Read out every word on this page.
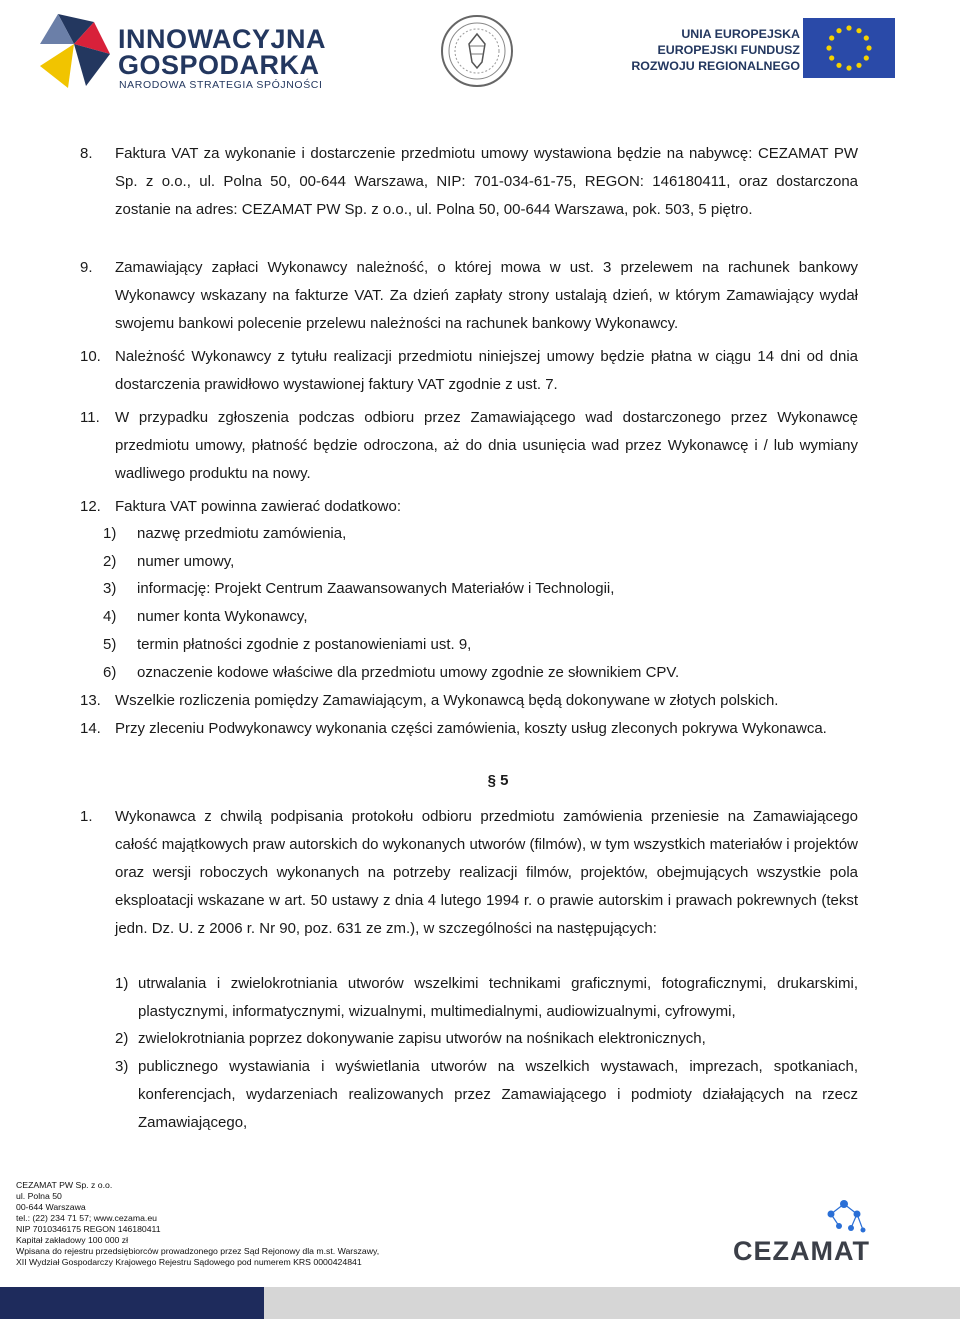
INNOWACYJNA
GOSPODARKA
NARODOWA STRATEGIA SPÓJNOŚCI
UNIA EUROPEJSKA
EUROPEJSKI FUNDUSZ
ROZWOJU REGIONALNEGO
8. Faktura VAT za wykonanie i dostarczenie przedmiotu umowy wystawiona będzie na nabywcę: CEZAMAT PW Sp. z o.o., ul. Polna 50, 00-644 Warszawa, NIP: 701-034-61-75, REGON: 146180411, oraz dostarczona zostanie na adres: CEZAMAT PW Sp. z o.o., ul. Polna 50, 00-644 Warszawa, pok. 503, 5 piętro.
9. Zamawiający zapłaci Wykonawcy należność, o której mowa w ust. 3 przelewem na rachunek bankowy Wykonawcy wskazany na fakturze VAT. Za dzień zapłaty strony ustalają dzień, w którym Zamawiający wydał swojemu bankowi polecenie przelewu należności na rachunek bankowy Wykonawcy.
10. Należność Wykonawcy z tytułu realizacji przedmiotu niniejszej umowy będzie płatna w ciągu 14 dni od dnia dostarczenia prawidłowo wystawionej faktury VAT zgodnie z ust. 7.
11. W przypadku zgłoszenia podczas odbioru przez Zamawiającego wad dostarczonego przez Wykonawcę przedmiotu umowy, płatność będzie odroczona, aż do dnia usunięcia wad przez Wykonawcę i / lub wymiany wadliwego produktu na nowy.
12. Faktura VAT powinna zawierać dodatkowo:
1) nazwę przedmiotu zamówienia,
2) numer umowy,
3) informację: Projekt Centrum Zaawansowanych Materiałów i Technologii,
4) numer konta Wykonawcy,
5) termin płatności zgodnie z postanowieniami ust. 9,
6) oznaczenie kodowe właściwe dla przedmiotu umowy zgodnie ze słownikiem CPV.
13. Wszelkie rozliczenia pomiędzy Zamawiającym, a Wykonawcą będą dokonywane w złotych polskich.
14. Przy zleceniu Podwykonawcy wykonania części zamówienia, koszty usług zleconych pokrywa Wykonawca.
§ 5
1. Wykonawca z chwilą podpisania protokołu odbioru przedmiotu zamówienia przeniesie na Zamawiającego całość majątkowych praw autorskich do wykonanych utworów (filmów), w tym wszystkich materiałów i projektów oraz wersji roboczych wykonanych na potrzeby realizacji filmów, projektów, obejmujących wszystkie pola eksploatacji wskazane w art. 50 ustawy z dnia 4 lutego 1994 r. o prawie autorskim i prawach pokrewnych (tekst jedn. Dz. U. z 2006 r. Nr 90, poz. 631 ze zm.), w szczególności na następujących:
1) utrwalania i zwielokrotniania utworów wszelkimi technikami graficznymi, fotograficznymi, drukarskimi, plastycznymi, informatycznymi, wizualnymi, multimedialnymi, audiowizualnymi, cyfrowymi,
2) zwielokrotniania poprzez dokonywanie zapisu utworów na nośnikach elektronicznych,
3) publicznego wystawiania i wyświetlania utworów na wszelkich wystawach, imprezach, spotkaniach, konferencjach, wydarzeniach realizowanych przez Zamawiającego i podmioty działających na rzecz Zamawiającego,
CEZAMAT PW Sp. z o.o.
ul. Polna 50
00-644 Warszawa
tel.: (22) 234 71 57; www.cezama.eu
NIP 7010346175 REGON 146180411
Kapitał zakładowy 100 000 zł
Wpisana do rejestru przedsiębiorców prowadzonego przez Sąd Rejonowy dla m.st. Warszawy,
XII Wydział Gospodarczy Krajowego Rejestru Sądowego pod numerem KRS 0000424841	CEZAMAT
